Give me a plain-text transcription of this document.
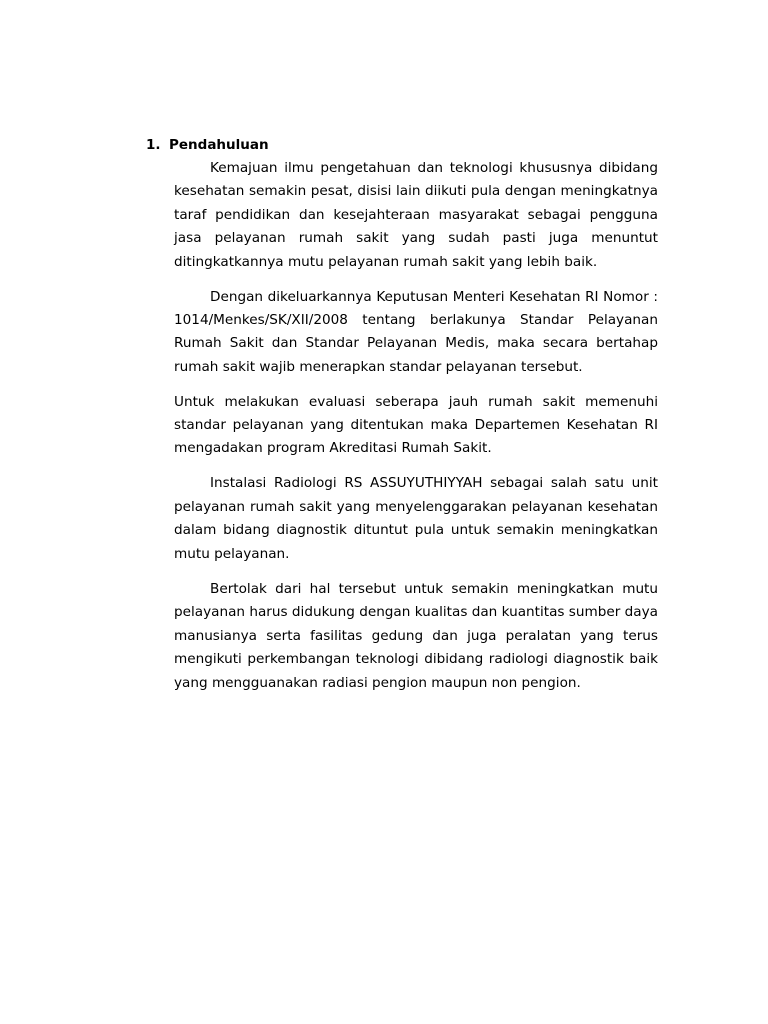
1. Pendahuluan

Kemajuan ilmu pengetahuan dan teknologi khususnya dibidang kesehatan semakin pesat, disisi lain diikuti pula dengan meningkatnya taraf pendidikan dan kesejahteraan masyarakat sebagai pengguna jasa pelayanan rumah sakit yang sudah pasti juga menuntut ditingkatkannya mutu pelayanan rumah sakit yang lebih baik.

Dengan dikeluarkannya Keputusan Menteri Kesehatan RI Nomor : 1014/Menkes/SK/XII/2008 tentang berlakunya Standar Pelayanan Rumah Sakit dan Standar Pelayanan Medis, maka secara bertahap rumah sakit wajib menerapkan standar pelayanan tersebut.

Untuk melakukan evaluasi seberapa jauh rumah sakit memenuhi standar pelayanan yang ditentukan maka Departemen Kesehatan RI mengadakan program Akreditasi Rumah Sakit.

Instalasi Radiologi RS ASSUYUTHIYYAH sebagai salah satu unit pelayanan rumah sakit yang menyelenggarakan pelayanan kesehatan dalam bidang diagnostik dituntut pula untuk semakin meningkatkan mutu pelayanan.

Bertolak dari hal tersebut untuk semakin meningkatkan mutu pelayanan harus didukung dengan kualitas dan kuantitas sumber daya manusianya serta fasilitas gedung dan juga peralatan yang terus mengikuti perkembangan teknologi dibidang radiologi diagnostik baik yang mengguanakan radiasi pengion maupun non pengion.
